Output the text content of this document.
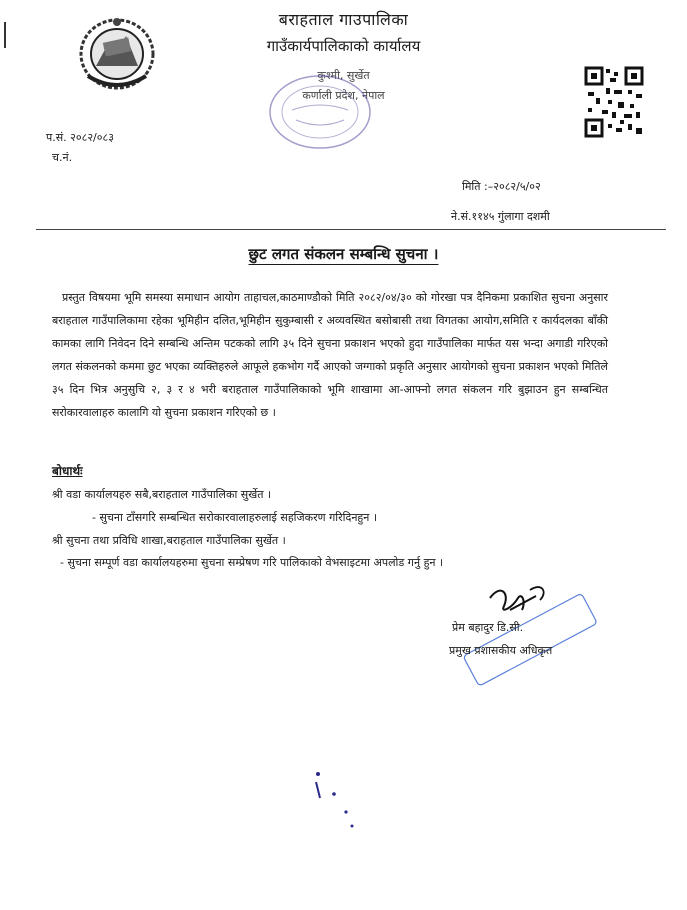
बराहताल गाउपालिका
गाउँकार्यपालिकाको कार्यालय
कुश्मी, सुर्खेत
कर्णाली प्रदेश, नेपाल
प.सं. २०८२/०८३
च.नं.
मिति :–२०८२/५/०२
ने.सं.११४५ गुंलागा दशमी
छुट लगत संकलन सम्बन्धि सुचना ।

प्रस्तुत विषयमा भूमि समस्या समाधान आयोग ताहाचल,काठमाण्डौको मिति २०८२/०४/३० को गोरखा पत्र दैनिकमा प्रकाशित सुचना अनुसार बराहताल गाउँपालिकामा रहेका भूमिहीन दलित,भूमिहीन सुकुम्बासी र अव्यवस्थित बसोबासी तथा विगतका आयोग,समिति र कार्यदलका बाँकी कामका लागि निवेदन दिने सम्बन्धि अन्तिम पटकको लागि ३५ दिने सुचना प्रकाशन भएको हुदा गाउँपालिका मार्फत यस भन्दा अगाडी गरिएको लगत संकलनको कममा छुट भएका व्यक्तिहरुले आफूले हकभोग गर्दै आएको जग्गाको प्रकृति अनुसार आयोगको सुचना प्रकाशन भएको मितिले ३५ दिन भित्र अनुसुचि २, ३ र ४ भरी बराहताल गाउँपालिकाको भूमि शाखामा आ-आफ्नो लगत संकलन गरि बुझाउन हुन सम्बन्धित सरोकारवालाहरु कालागि यो सुचना प्रकाशन गरिएको छ ।

बोधार्थः
श्री वडा कार्यालयहरु सबै,बराहताल गाउँपालिका सुर्खेत ।
- सुचना टाँसगरि सम्बन्धित सरोकारवालाहरुलाई सहजिकरण गरिदिनहुन ।
श्री सुचना तथा प्रविधि शाखा,बराहताल गाउँपालिका सुर्खेत ।
- सुचना सम्पूर्ण वडा कार्यालयहरुमा सुचना सम्प्रेषण गरि पालिकाको वेभसाइटमा अपलोड गर्नु हुन ।
प्रेम बहादुर डि.सी.
प्रमुख प्रशासकीय अधिकृत
